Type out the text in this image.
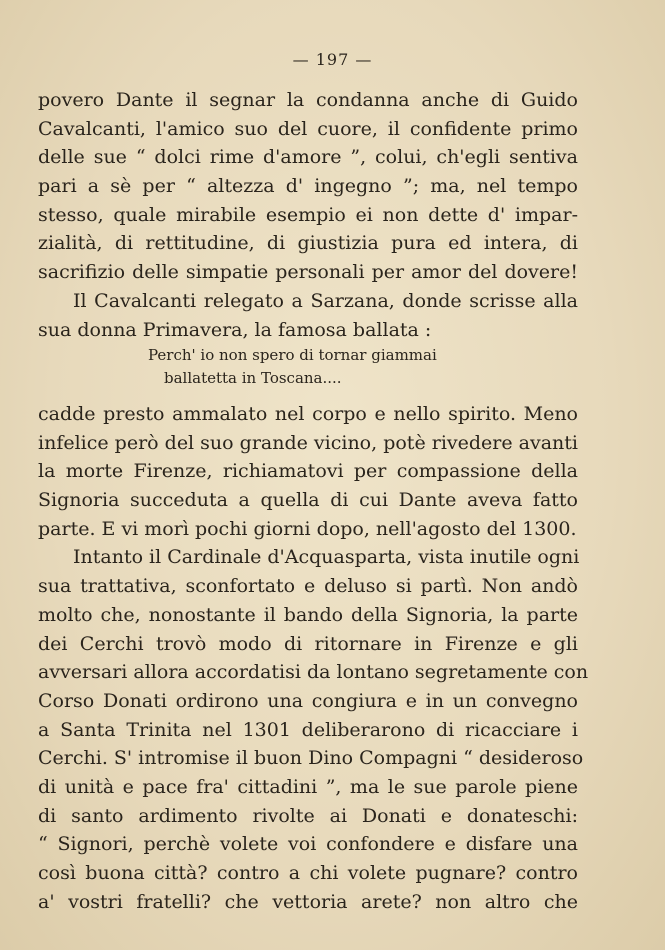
— 197 —
povero Dante il segnar la condanna anche di Guido
Cavalcanti, l'amico suo del cuore, il confidente primo
delle sue “ dolci rime d'amore ”, colui, ch'egli sentiva
pari a sè per “ altezza d' ingegno ”; ma, nel tempo
stesso, quale mirabile esempio ei non dette d' impar-
zialità, di rettitudine, di giustizia pura ed intera, di
sacrifizio delle simpatie personali per amor del dovere!
Il Cavalcanti relegato a Sarzana, donde scrisse alla
sua donna Primavera, la famosa ballata :
Perch' io non spero di tornar giammai
ballatetta in Toscana....
cadde presto ammalato nel corpo e nello spirito. Meno
infelice però del suo grande vicino, potè rivedere avanti
la morte Firenze, richiamatovi per compassione della
Signoria succeduta a quella di cui Dante aveva fatto
parte. E vi morì pochi giorni dopo, nell'agosto del 1300.
Intanto il Cardinale d'Acquasparta, vista inutile ogni
sua trattativa, sconfortato e deluso si partì. Non andò
molto che, nonostante il bando della Signoria, la parte
dei Cerchi trovò modo di ritornare in Firenze e gli
avversari allora accordatisi da lontano segretamente con
Corso Donati ordirono una congiura e in un convegno
a Santa Trinita nel 1301 deliberarono di ricacciare i
Cerchi. S' intromise il buon Dino Compagni “ desideroso
di unità e pace fra' cittadini ”, ma le sue parole piene
di santo ardimento rivolte ai Donati e donateschi:
“ Signori, perchè volete voi confondere e disfare una
così buona città? contro a chi volete pugnare? contro
a' vostri fratelli? che vettoria arete? non altro che
